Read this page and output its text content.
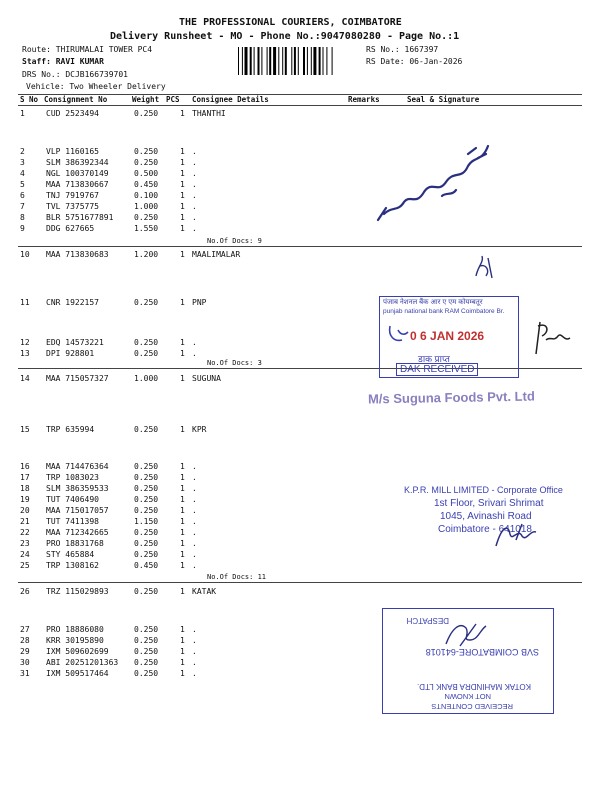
THE PROFESSIONAL COURIERS, COIMBATORE
Delivery Runsheet - MO - Phone No.:9047080280 - Page No.:1
Route: THIRUMALAI TOWER PC4
Staff: RAVI KUMAR
DRS No.: DCJB166739701
Vehicle: Two Wheeler Delivery
RS No.: 1667397
RS Date: 06-Jan-2026
S No Consignment No	Weight PCS Consignee Details	Remarks	Seal & Signature
1	CUD 2523494	0.250	1 THANTHI
2	VLP 1160165	0.250	1 .
3	SLM 386392344	0.250	1 .
4	NGL 100370149	0.500	1 .
5	MAA 713830667	0.450	1 .
6	TNJ 7919767	0.100	1 .
7	TVL 7375775	1.000	1 .
8	BLR 5751677891	0.250	1 .
9	DDG 627665	1.550	1 .
10 MAA 713830683	1.200	1 MAALIMALAR
11 CNR 1922157	0.250	1 PNP
12 EDQ 14573221	0.250	1 .
13 DPI 928801	0.250	1 .
14 MAA 715057327	1.000	1 SUGUNA
15 TRP 635994	0.250	1 KPR
16 MAA 714476364	0.250	1 .
17 TRP 1083023	0.250	1 .
18 SLM 386359533	0.250	1 .
19 TUT 7406490	0.250	1 .
20 MAA 715017057	0.250	1 .
21 TUT 7411398	1.150	1 .
22 MAA 712342665	0.250	1 .
23 PRO 18831768	0.250	1 .
24 STY 465884	0.250	1 .
25 TRP 1308162	0.450	1 .
26 TRZ 115029893	0.250	1 KATAK
27 PRO 18886080	0.250	1 .
28 KRR 30195890	0.250	1 .
29 IXM 509602699	0.250	1 .
30 ABI 20251201363 0.250	1 .
31 IXM 509517464	0.250	1 .
No.Of Docs: 9
No.Of Docs: 3
No.Of Docs: 11
पंजाब नेशनल बैंक आर ए एम कोयम्बतूर
punjab national bank RAM Coimbatore Br.
0 6 JAN 2026
डाक प्राप्त
DAK RECEIVED
M/s Suguna Foods Pvt. Ltd
K.P.R. MILL LIMITED - Corporate Office
1st Floor, Srivari Shrimat
1045, Avinashi Road
Coimbatore - 641018
RECEIVED CONTENTS
NOT KNOWN
KOTAK MAHINDRA BANK LTD.
SVB COIMBATORE-641018
DESPATCH
